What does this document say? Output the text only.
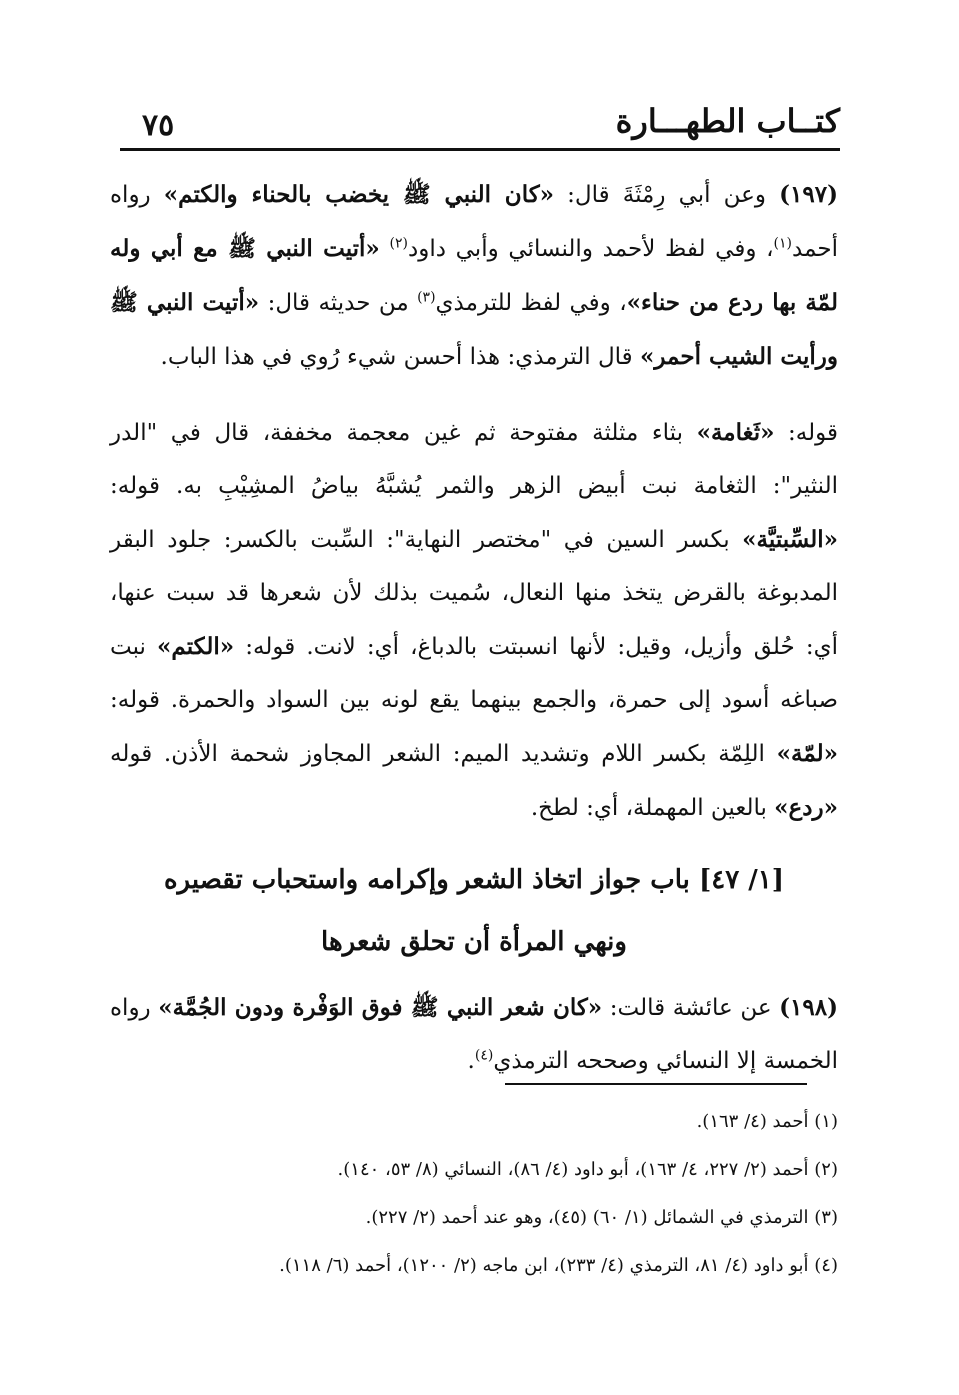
٧٥	كتــاب الطهـــارة

(١٩٧) وعن أبي رِمْثَةَ قال: «كان النبي ﷺ يخضب بالحناء والكتم» رواه أحمد$^{(١)}$، وفي لفظ لأحمد والنسائي وأبي داود$^{(٢)}$ «أتيت النبي ﷺ مع أبي وله لمّة بها ردع من حناء»، وفي لفظ للترمذي$^{(٣)}$ من حديثه قال: «أتيت النبي ﷺ ورأيت الشيب أحمر» قال الترمذي: هذا أحسن شيء رُوي في هذا الباب.

قوله: «ثَغامة» بثاء مثلثة مفتوحة ثم غين معجمة مخففة، قال في "الدر النثير": الثغامة نبت أبيض الزهر والثمر يُشبَّهُ بياضُ المشِيْبِ به. قوله: «السِّبتيَّة» بكسر السين في "مختصر النهاية": السِّبت بالكسر: جلود البقر المدبوغة بالقرض يتخذ منها النعال، سُميت بذلك لأن شعرها قد سبت عنها، أي: حُلق وأزيل، وقيل: لأنها انسبتت بالدباغ، أي: لانت. قوله: «الكتم» نبت صباغه أسود إلى حمرة، والجمع بينهما يقع لونه بين السواد والحمرة. قوله: «لمّة» اللِمّة بكسر اللام وتشديد الميم: الشعر المجاوز شحمة الأذن. قوله «ردع» بالعين المهملة، أي: لطخ.

[١/ ٤٧] باب جواز اتخاذ الشعر وإكرامه واستحباب تقصيره
ونهي المرأة أن تحلق شعرها

(١٩٨) عن عائشة قالت: «كان شعر النبي ﷺ فوق الوَفْرة ودون الجُمَّة» رواه الخمسة إلا النسائي وصححه الترمذي$^{(٤)}$.

(١) أحمد (٤/ ١٦٣).

(٢) أحمد (٢/ ٢٢٧، ٤/ ١٦٣)، أبو داود (٤/ ٨٦)، النسائي (٨/ ٥٣، ١٤٠).

(٣) الترمذي في الشمائل (١/ ٦٠) (٤٥)، وهو عند أحمد (٢/ ٢٢٧).

(٤) أبو داود (٤/ ٨١، الترمذي (٤/ ٢٣٣)، ابن ماجه (٢/ ١٢٠٠)، أحمد (٦/ ١١٨).
